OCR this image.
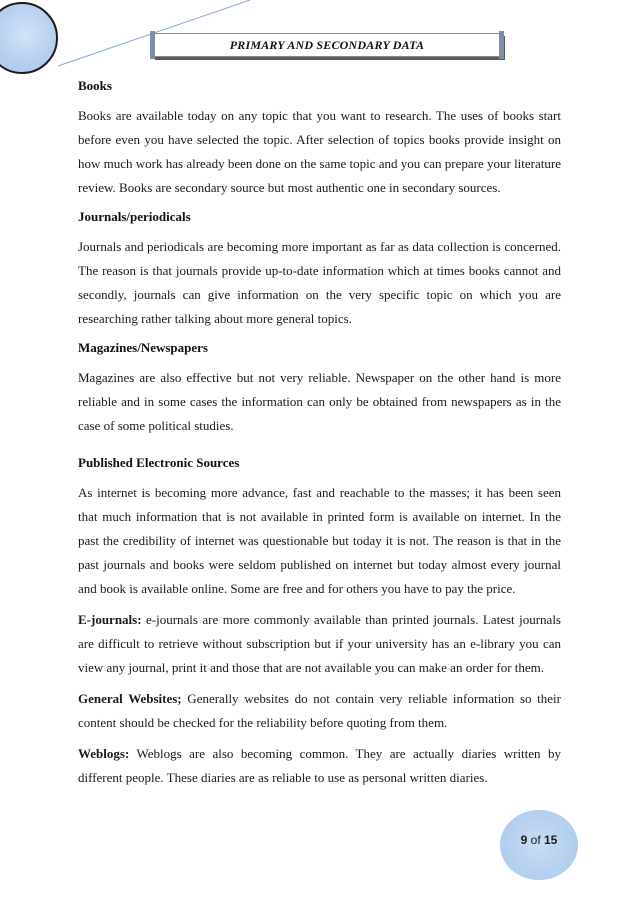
PRIMARY AND SECONDARY DATA
Books

Books are available today on any topic that you want to research. The uses of books start before even you have selected the topic. After selection of topics books provide insight on how much work has already been done on the same topic and you can prepare your literature review. Books are secondary source but most authentic one in secondary sources.

Journals/periodicals

Journals and periodicals are becoming more important as far as data collection is concerned. The reason is that journals provide up-to-date information which at times books cannot and secondly, journals can give information on the very specific topic on which you are researching rather talking about more general topics.

Magazines/Newspapers

Magazines are also effective but not very reliable. Newspaper on the other hand is more reliable and in some cases the information can only be obtained from newspapers as in the case of some political studies.

Published Electronic Sources

As internet is becoming more advance, fast and reachable to the masses; it has been seen that much information that is not available in printed form is available on internet. In the past the credibility of internet was questionable but today it is not. The reason is that in the past journals and books were seldom published on internet but today almost every journal and book is available online. Some are free and for others you have to pay the price.

E-journals: e-journals are more commonly available than printed journals. Latest journals are difficult to retrieve without subscription but if your university has an e-library you can view any journal, print it and those that are not available you can make an order for them.

General Websites; Generally websites do not contain very reliable information so their content should be checked for the reliability before quoting from them.

Weblogs: Weblogs are also becoming common. They are actually diaries written by different people. These diaries are as reliable to use as personal written diaries.

9 of 15
